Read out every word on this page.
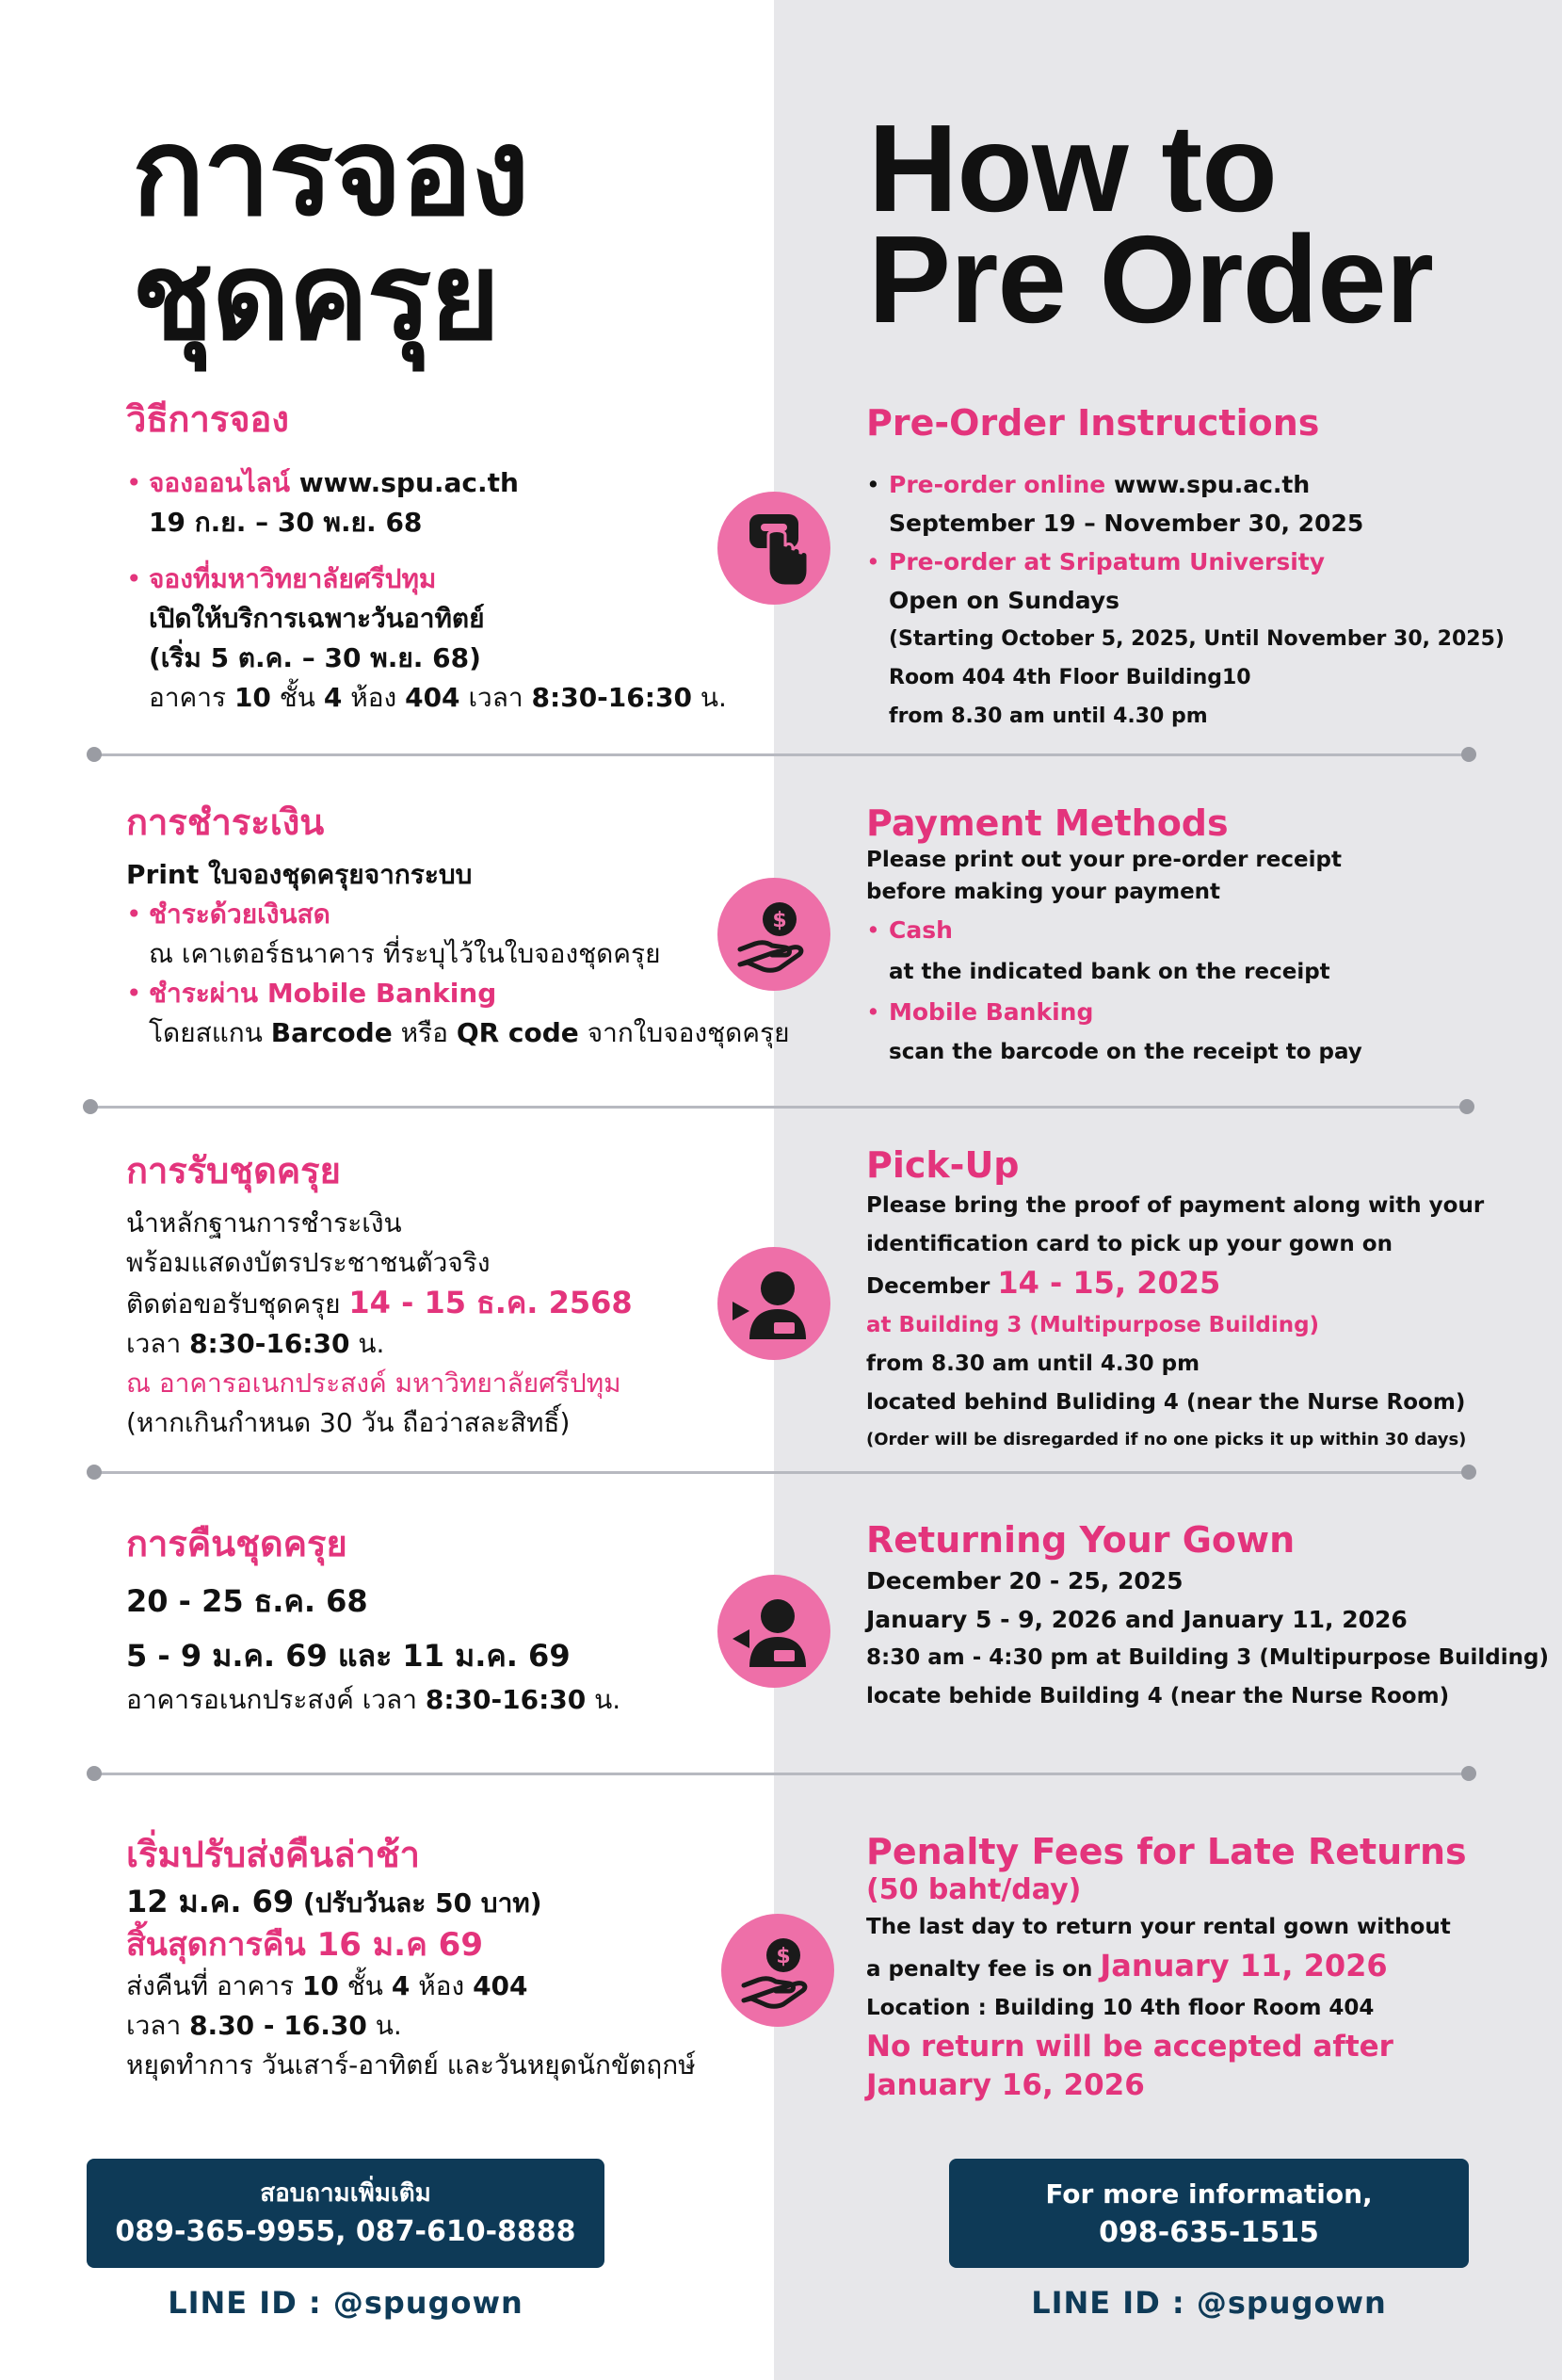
การจอง
ชุดครุย
How to
Pre Order
วิธีการจอง
• จองออนไลน์ www.spu.ac.th
19 ก.ย. – 30 พ.ย. 68
• จองที่มหาวิทยาลัยศรีปทุม
เปิดให้บริการเฉพาะวันอาทิตย์
(เริ่ม 5 ต.ค. – 30 พ.ย. 68)
อาคาร 10 ชั้น 4 ห้อง 404 เวลา 8:30-16:30 น.
Pre-Order Instructions
• Pre-order online www.spu.ac.th
September 19 – November 30, 2025
• Pre-order at Sripatum University
Open on Sundays
(Starting October 5, 2025, Until November 30, 2025)
Room 404 4th Floor Building10
from 8.30 am until 4.30 pm
การชำระเงิน
Print ใบจองชุดครุยจากระบบ
• ชำระด้วยเงินสด
ณ เคาเตอร์ธนาคาร ที่ระบุไว้ในใบจองชุดครุย
• ชำระผ่าน Mobile Banking
โดยสแกน Barcode หรือ QR code จากใบจองชุดครุย
$
Payment Methods
Please print out your pre-order receipt
before making your payment
• Cash
at the indicated bank on the receipt
• Mobile Banking
scan the barcode on the receipt to pay
การรับชุดครุย
นำหลักฐานการชำระเงิน
พร้อมแสดงบัตรประชาชนตัวจริง
ติดต่อขอรับชุดครุย 14 - 15 ธ.ค. 2568
เวลา 8:30-16:30 น.
ณ อาคารอเนกประสงค์ มหาวิทยาลัยศรีปทุม
(หากเกินกำหนด 30 วัน ถือว่าสละสิทธิ์)
Pick-Up
Please bring the proof of payment along with your
identification card to pick up your gown on
December 14 - 15, 2025
at Building 3 (Multipurpose Building)
from 8.30 am until 4.30 pm
located behind Buliding 4 (near the Nurse Room)
(Order will be disregarded if no one picks it up within 30 days)
การคืนชุดครุย
20 - 25 ธ.ค. 68
5 - 9 ม.ค. 69 และ 11 ม.ค. 69
อาคารอเนกประสงค์ เวลา 8:30-16:30 น.
Returning Your Gown
December 20 - 25, 2025
January 5 - 9, 2026 and January 11, 2026
8:30 am - 4:30 pm at Building 3 (Multipurpose Building)
locate behide Building 4 (near the Nurse Room)
เริ่มปรับส่งคืนล่าช้า
12 ม.ค. 69 (ปรับวันละ 50 บาท)
สิ้นสุดการคืน 16 ม.ค 69
ส่งคืนที่ อาคาร 10 ชั้น 4 ห้อง 404
เวลา 8.30 - 16.30 น.
หยุดทำการ วันเสาร์-อาทิตย์ และวันหยุดนักขัตฤกษ์
$
Penalty Fees for Late Returns
(50 baht/day)
The last day to return your rental gown without
a penalty fee is on January 11, 2026
Location : Building 10 4th floor Room 404
No return will be accepted after
January 16, 2026
สอบถามเพิ่มเติม
089-365-9955, 087-610-8888
LINE ID : @spugown
For more information,
098-635-1515
LINE ID : @spugown
